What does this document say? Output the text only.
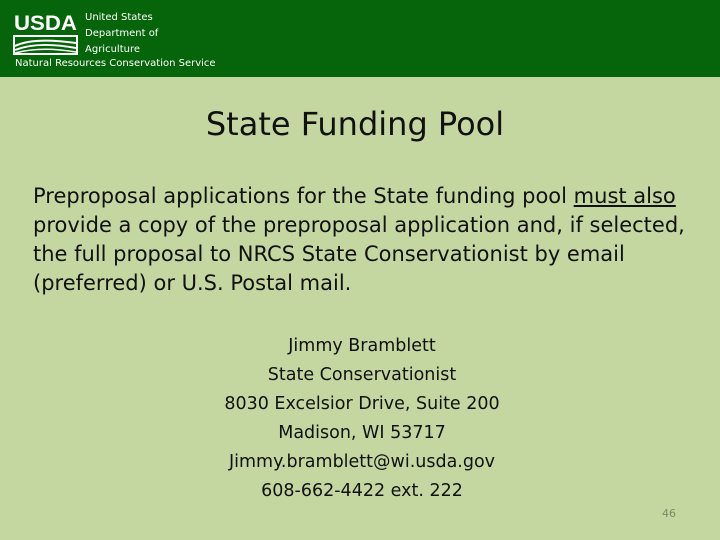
USDA United States
Department of
Agriculture
Natural Resources Conservation Service
State Funding Pool

Preproposal applications for the State funding pool must also provide a copy of the preproposal application and, if selected, the full proposal to NRCS State Conservationist by email (preferred) or U.S. Postal mail.

Jimmy Bramblett
State Conservationist
8030 Excelsior Drive, Suite 200
Madison, WI 53717
Jimmy.bramblett@wi.usda.gov
608-662-4422 ext. 222
46
